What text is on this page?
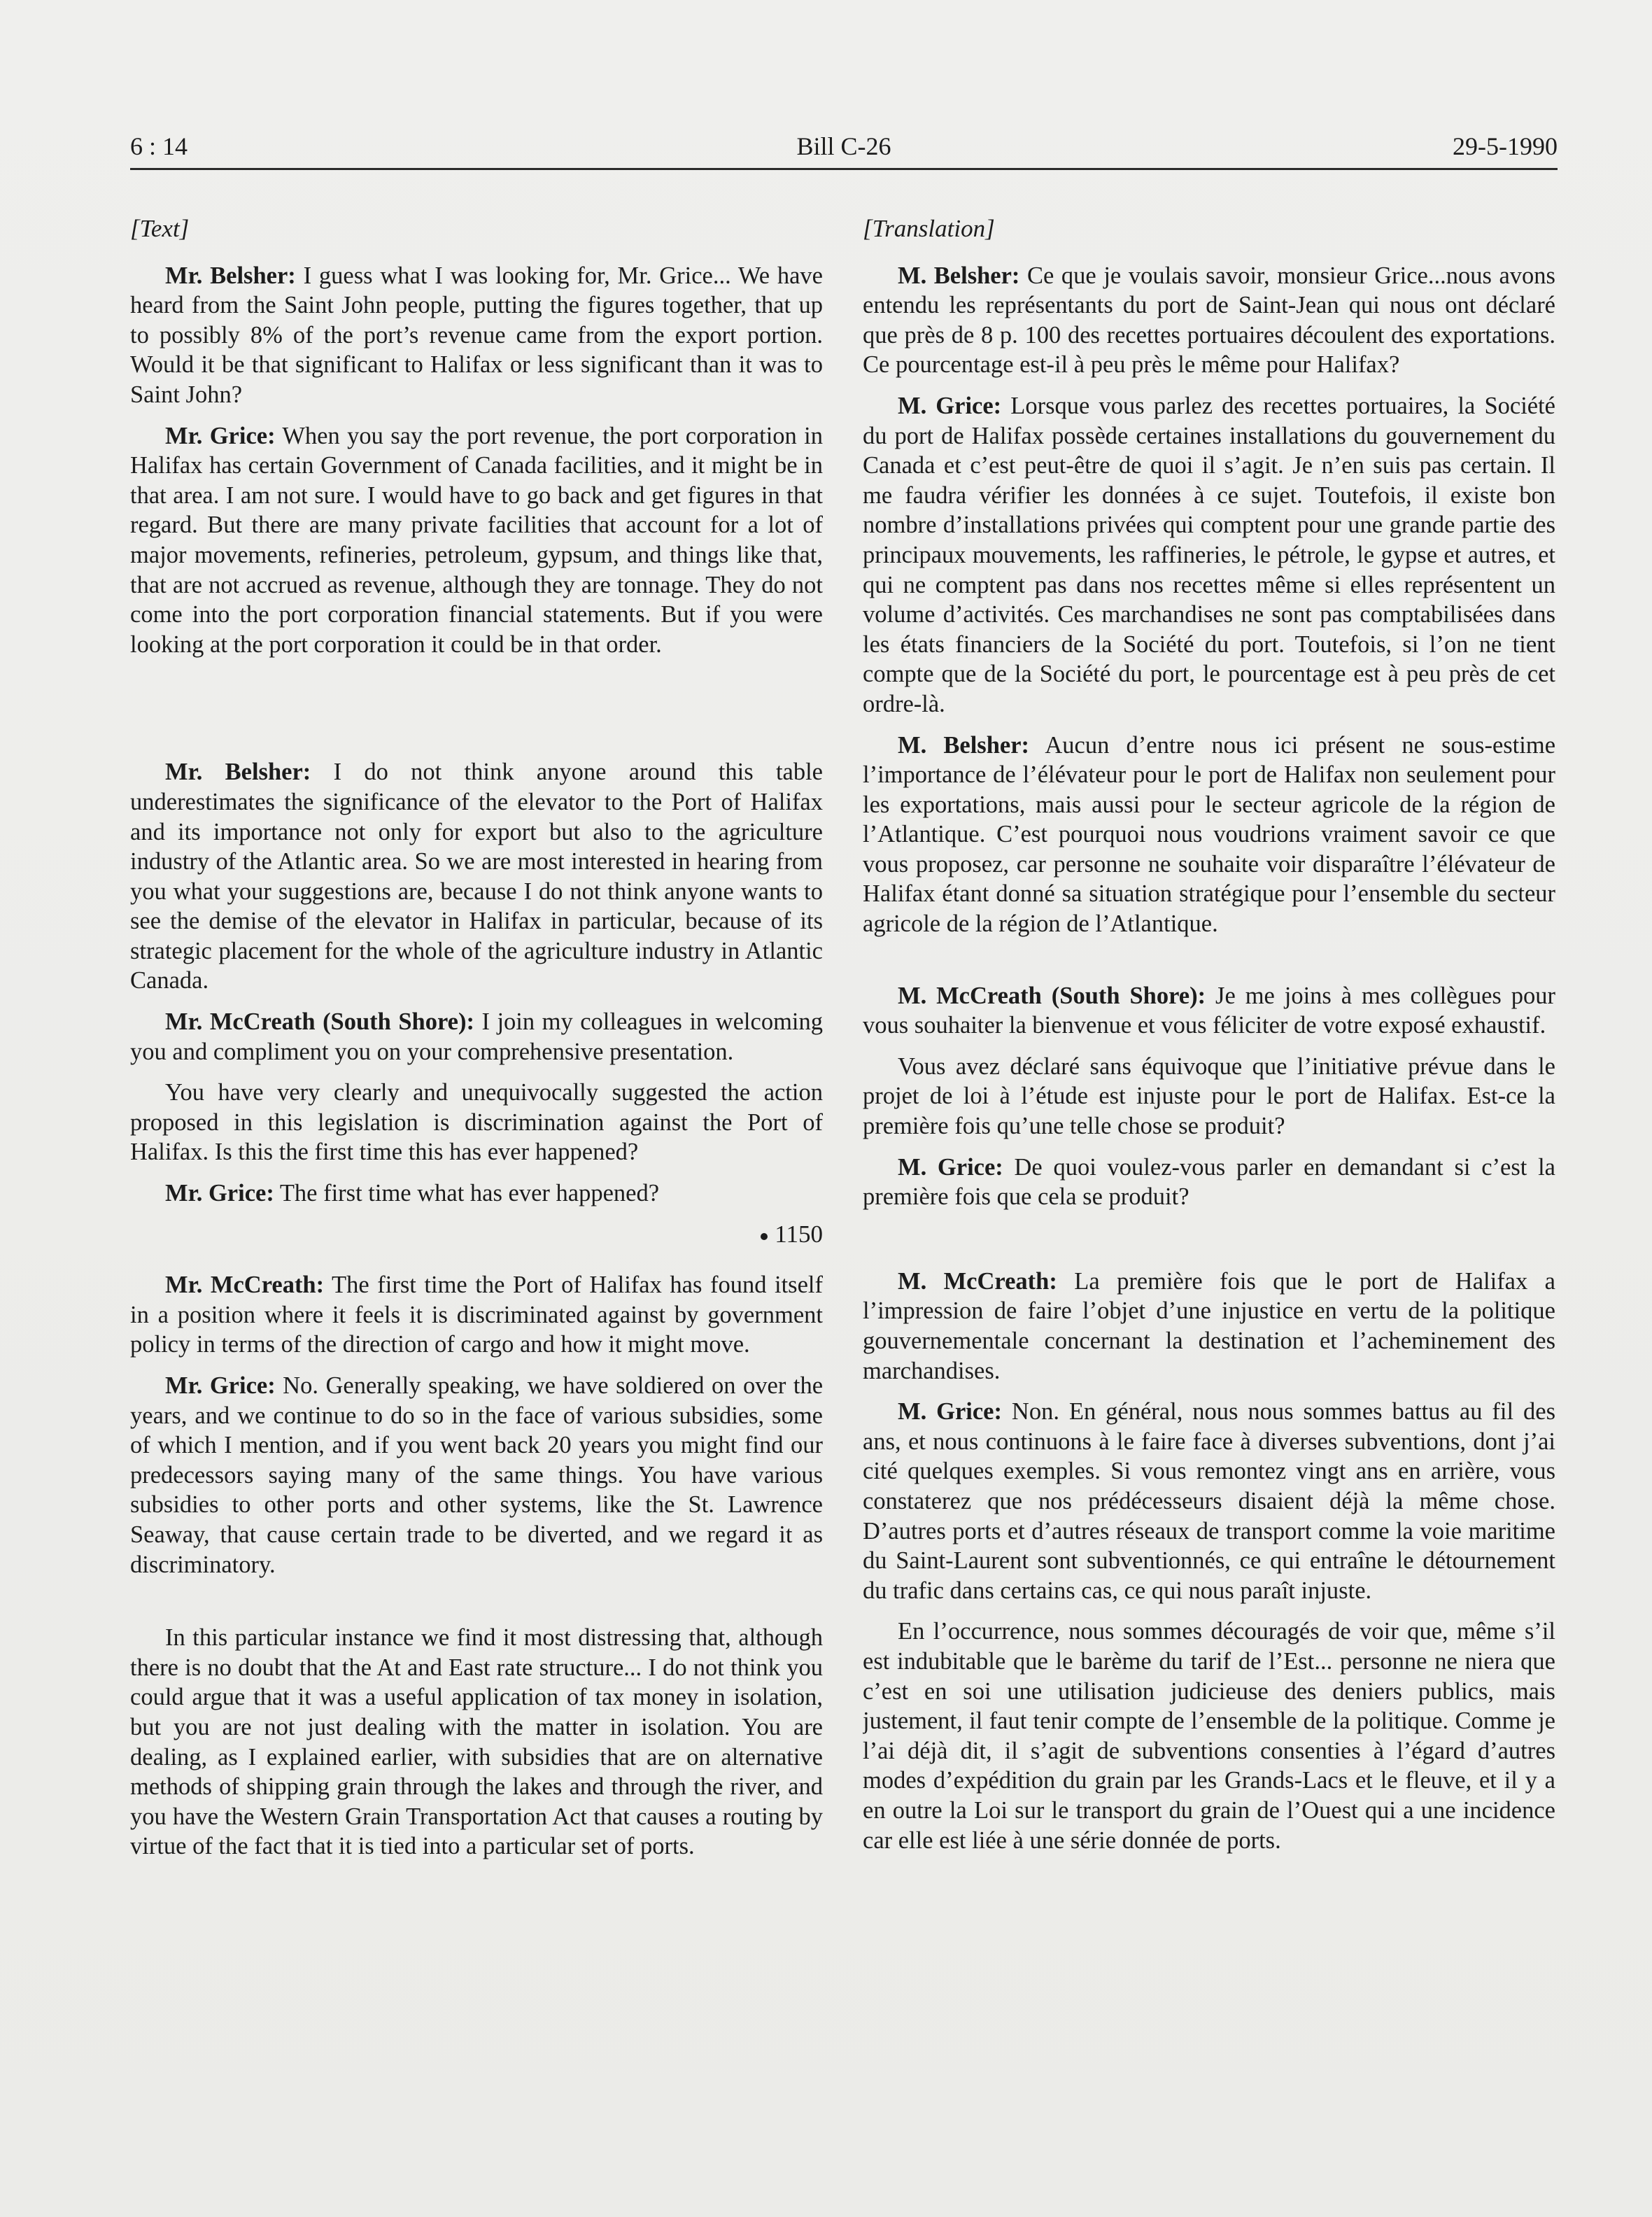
6 : 14	Bill C-26	29-5-1990
[Text]

Mr. Belsher: I guess what I was looking for, Mr. Grice... We have heard from the Saint John people, putting the figures together, that up to possibly 8% of the port’s revenue came from the export portion. Would it be that significant to Halifax or less significant than it was to Saint John?

Mr. Grice: When you say the port revenue, the port corporation in Halifax has certain Government of Canada facilities, and it might be in that area. I am not sure. I would have to go back and get figures in that regard. But there are many private facilities that account for a lot of major movements, refineries, petroleum, gypsum, and things like that, that are not accrued as revenue, although they are tonnage. They do not come into the port corporation financial statements. But if you were looking at the port corporation it could be in that order.

Mr. Belsher: I do not think anyone around this table underestimates the significance of the elevator to the Port of Halifax and its importance not only for export but also to the agriculture industry of the Atlantic area. So we are most interested in hearing from you what your suggestions are, because I do not think anyone wants to see the demise of the elevator in Halifax in particular, because of its strategic placement for the whole of the agriculture industry in Atlantic Canada.

Mr. McCreath (South Shore): I join my colleagues in welcoming you and compliment you on your comprehensive presentation.

You have very clearly and unequivocally suggested the action proposed in this legislation is discrimination against the Port of Halifax. Is this the first time this has ever happened?

Mr. Grice: The first time what has ever happened?

1150

Mr. McCreath: The first time the Port of Halifax has found itself in a position where it feels it is discriminated against by government policy in terms of the direction of cargo and how it might move.

Mr. Grice: No. Generally speaking, we have soldiered on over the years, and we continue to do so in the face of various subsidies, some of which I mention, and if you went back 20 years you might find our predecessors saying many of the same things. You have various subsidies to other ports and other systems, like the St. Lawrence Seaway, that cause certain trade to be diverted, and we regard it as discriminatory.

In this particular instance we find it most distressing that, although there is no doubt that the At and East rate structure... I do not think you could argue that it was a useful application of tax money in isolation, but you are not just dealing with the matter in isolation. You are dealing, as I explained earlier, with subsidies that are on alternative methods of shipping grain through the lakes and through the river, and you have the Western Grain Transportation Act that causes a routing by virtue of the fact that it is tied into a particular set of ports.

[Translation]

M. Belsher: Ce que je voulais savoir, monsieur Grice...nous avons entendu les représentants du port de Saint-Jean qui nous ont déclaré que près de 8 p. 100 des recettes portuaires découlent des exportations. Ce pourcentage est-il à peu près le même pour Halifax?

M. Grice: Lorsque vous parlez des recettes portuaires, la Société du port de Halifax possède certaines installations du gouvernement du Canada et c’est peut-être de quoi il s’agit. Je n’en suis pas certain. Il me faudra vérifier les données à ce sujet. Toutefois, il existe bon nombre d’installations privées qui comptent pour une grande partie des principaux mouvements, les raffineries, le pétrole, le gypse et autres, et qui ne comptent pas dans nos recettes même si elles représentent un volume d’activités. Ces marchandises ne sont pas comptabilisées dans les états financiers de la Société du port. Toutefois, si l’on ne tient compte que de la Société du port, le pourcentage est à peu près de cet ordre-là.

M. Belsher: Aucun d’entre nous ici présent ne sous-estime l’importance de l’élévateur pour le port de Halifax non seulement pour les exportations, mais aussi pour le secteur agricole de la région de l’Atlantique. C’est pourquoi nous voudrions vraiment savoir ce que vous proposez, car personne ne souhaite voir disparaître l’élévateur de Halifax étant donné sa situation stratégique pour l’ensemble du secteur agricole de la région de l’Atlantique.

M. McCreath (South Shore): Je me joins à mes collègues pour vous souhaiter la bienvenue et vous féliciter de votre exposé exhaustif.

Vous avez déclaré sans équivoque que l’initiative prévue dans le projet de loi à l’étude est injuste pour le port de Halifax. Est-ce la première fois qu’une telle chose se produit?

M. Grice: De quoi voulez-vous parler en demandant si c’est la première fois que cela se produit?

M. McCreath: La première fois que le port de Halifax a l’impression de faire l’objet d’une injustice en vertu de la politique gouvernementale concernant la destination et l’acheminement des marchandises.

M. Grice: Non. En général, nous nous sommes battus au fil des ans, et nous continuons à le faire face à diverses subventions, dont j’ai cité quelques exemples. Si vous remontez vingt ans en arrière, vous constaterez que nos prédécesseurs disaient déjà la même chose. D’autres ports et d’autres réseaux de transport comme la voie maritime du Saint-Laurent sont subventionnés, ce qui entraîne le détournement du trafic dans certains cas, ce qui nous paraît injuste.

En l’occurrence, nous sommes découragés de voir que, même s’il est indubitable que le barème du tarif de l’Est... personne ne niera que c’est en soi une utilisation judicieuse des deniers publics, mais justement, il faut tenir compte de l’ensemble de la politique. Comme je l’ai déjà dit, il s’agit de subventions consenties à l’égard d’autres modes d’expédition du grain par les Grands-Lacs et le fleuve, et il y a en outre la Loi sur le transport du grain de l’Ouest qui a une incidence car elle est liée à une série donnée de ports.
